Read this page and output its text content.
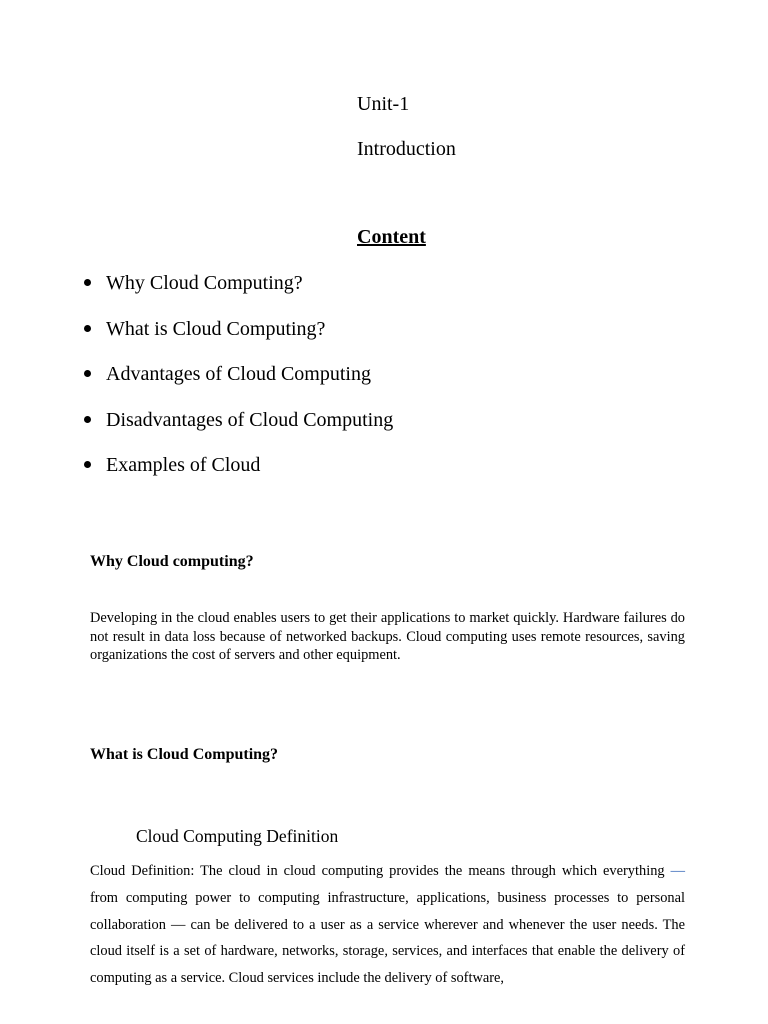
Unit-1
Introduction
Content
Why Cloud Computing?
What is Cloud Computing?
Advantages of Cloud Computing
Disadvantages of Cloud Computing
Examples of Cloud
Why Cloud computing?

Developing in the cloud enables users to get their applications to market quickly. Hardware failures do not result in data loss because of networked backups. Cloud computing uses remote resources, saving organizations the cost of servers and other equipment.

What is Cloud Computing?
Cloud Computing Definition

Cloud Definition: The cloud in cloud computing provides the means through which everything — from computing power to computing infrastructure, applications, business processes to personal collaboration — can be delivered to a user as a service wherever and whenever the user needs. The cloud itself is a set of hardware, networks, storage, services, and interfaces that enable the delivery of computing as a service. Cloud services include the delivery of software,
